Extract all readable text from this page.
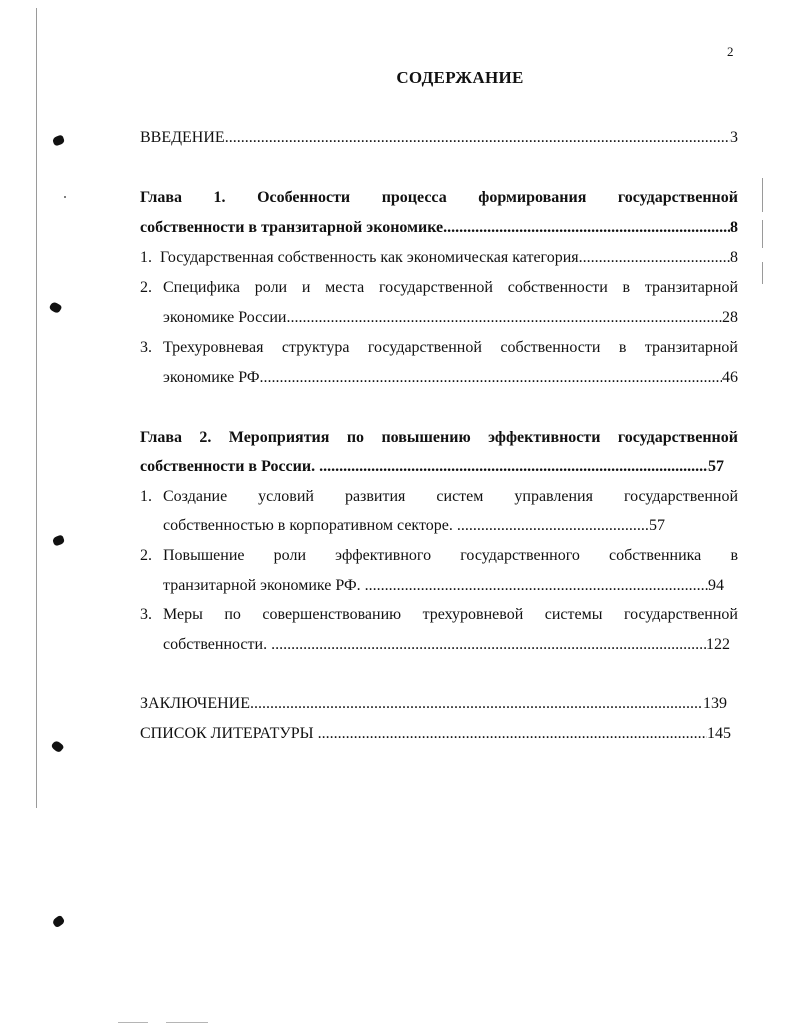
2
СОДЕРЖАНИЕ
ВВЕДЕНИЕ .....	3
Глава 1. Особенности процесса формирования государственной
собственности в транзитарной экономике .....	8
1. Государственная собственность как экономическая категория .....	8
2. Специфика роли и места государственной собственности в транзитарной
экономике России .....	28
3. Трехуровневая структура государственной собственности в транзитарной
экономике РФ .....	46
Глава 2. Мероприятия по повышению эффективности государственной
собственности в России. .....	57
1. Создание условий развития систем управления государственной
собственностью в корпоративном секторе. .....	57
2. Повышение роли эффективного государственного собственника в
транзитарной экономике РФ. .....	94
3. Меры по совершенствованию трехуровневой системы государственной
собственности. .....	122
ЗАКЛЮЧЕНИЕ .....	139
СПИСОК ЛИТЕРАТУРЫ .....	145
